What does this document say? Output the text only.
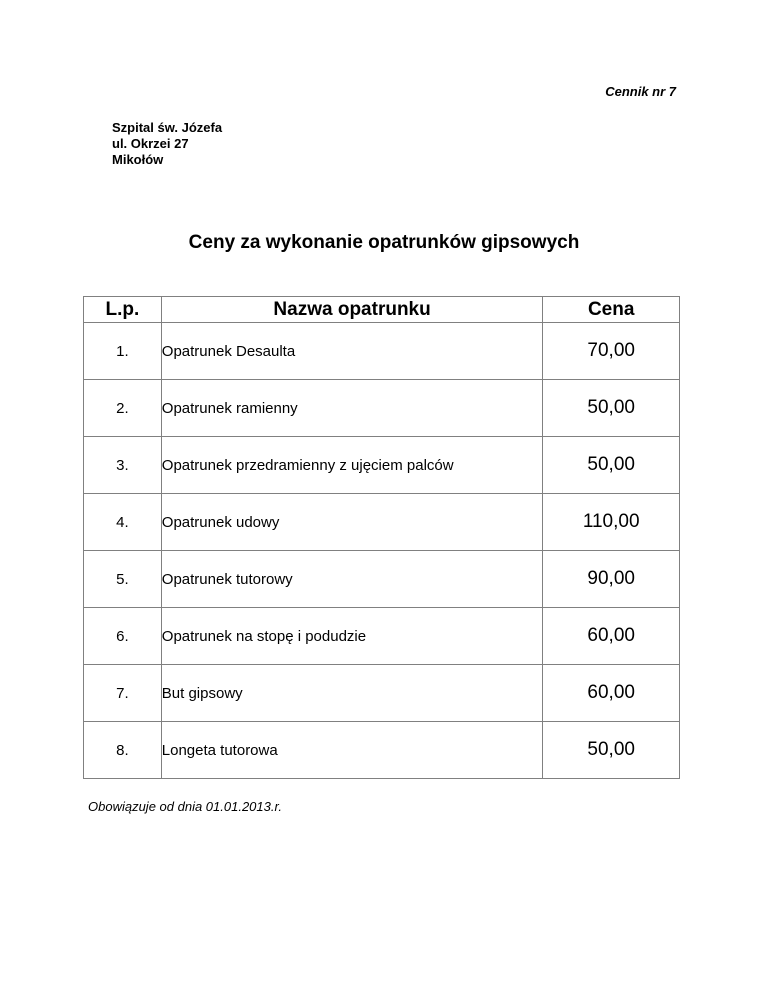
Cennik nr 7
Szpital św. Józefa
ul. Okrzei 27
Mikołów
Ceny za wykonanie opatrunków gipsowych
L.p.	Nazwa opatrunku	Cena
1.	Opatrunek Desaulta	70,00
2.	Opatrunek ramienny	50,00
3.	Opatrunek przedramienny z ujęciem palców	50,00
4.	Opatrunek udowy	110,00
5.	Opatrunek tutorowy	90,00
6.	Opatrunek na stopę i podudzie	60,00
7.	But gipsowy	60,00
8.	Longeta tutorowa	50,00
Obowiązuje od dnia 01.01.2013.r.
